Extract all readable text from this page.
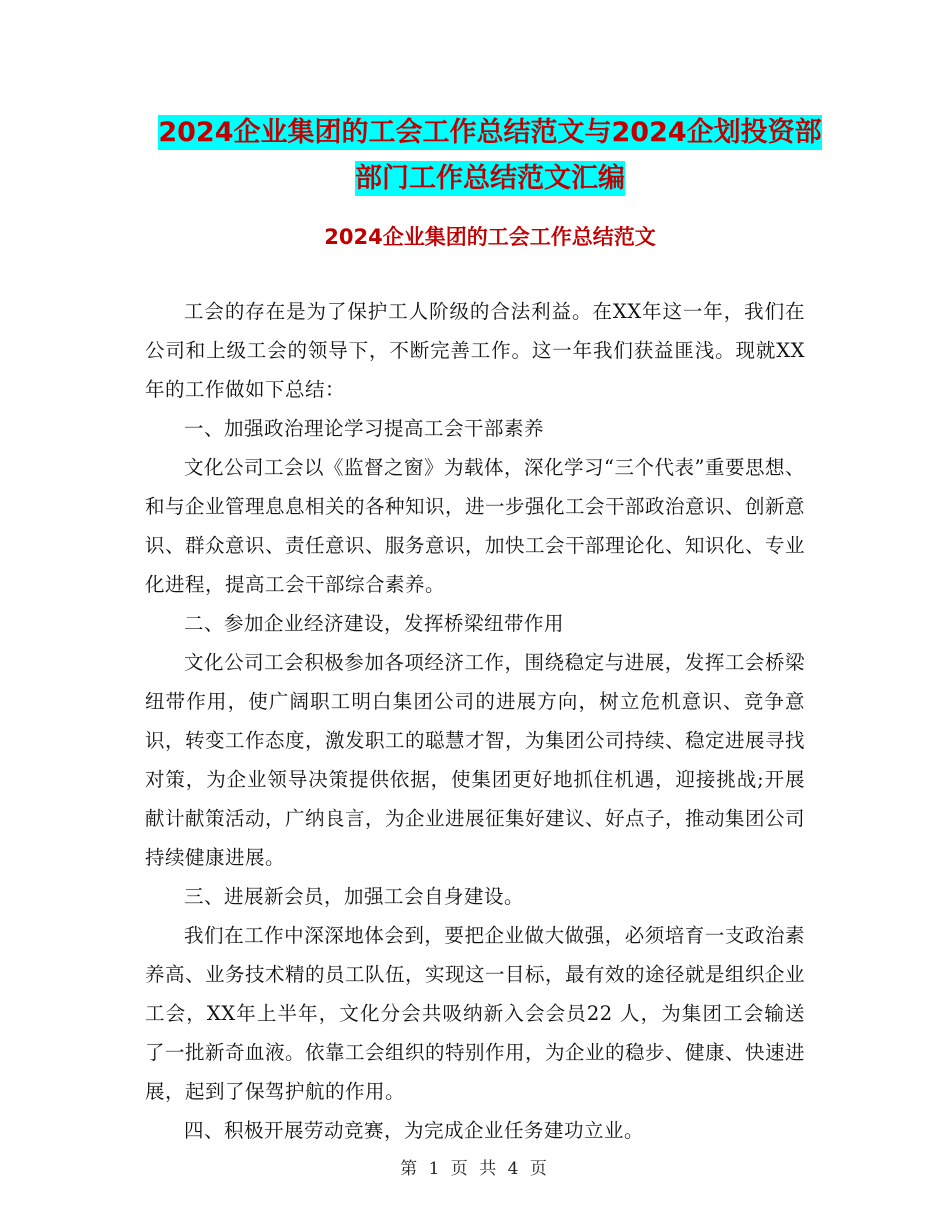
2024企业集团的工会工作总结范文与2024企划投资部
部门工作总结范文汇编
2024企业集团的工会工作总结范文

工会的存在是为了保护工人阶级的合法利益。在XX年这一年，我们在公司和上级工会的领导下，不断完善工作。这一年我们获益匪浅。现就XX年的工作做如下总结：

一、加强政治理论学习提高工会干部素养

文化公司工会以《监督之窗》为载体，深化学习“三个代表”重要思想、和与企业管理息息相关的各种知识，进一步强化工会干部政治意识、创新意识、群众意识、责任意识、服务意识，加快工会干部理论化、知识化、专业化进程，提高工会干部综合素养。

二、参加企业经济建设，发挥桥梁纽带作用

文化公司工会积极参加各项经济工作，围绕稳定与进展，发挥工会桥梁纽带作用，使广阔职工明白集团公司的进展方向，树立危机意识、竞争意识，转变工作态度，激发职工的聪慧才智，为集团公司持续、稳定进展寻找对策，为企业领导决策提供依据，使集团更好地抓住机遇，迎接挑战;开展献计献策活动，广纳良言，为企业进展征集好建议、好点子，推动集团公司持续健康进展。

三、进展新会员，加强工会自身建设。

我们在工作中深深地体会到，要把企业做大做强，必须培育一支政治素养高、业务技术精的员工队伍，实现这一目标，最有效的途径就是组织企业工会，XX年上半年，文化分会共吸纳新入会会员22 人，为集团工会输送了一批新奇血液。依靠工会组织的特别作用，为企业的稳步、健康、快速进展，起到了保驾护航的作用。

四、积极开展劳动竞赛，为完成企业任务建功立业。

第 1 页 共 4 页
